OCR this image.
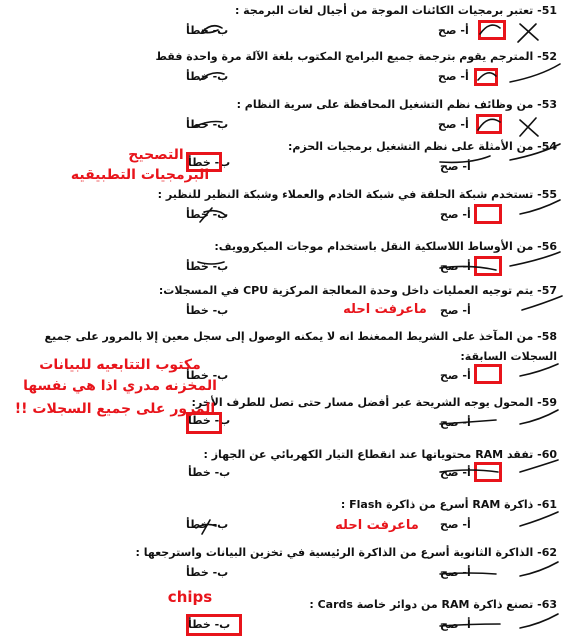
51- تعتبر برمجيات الكائنات الموجة من أجيال لغات البرمجة :
أ- صح
ب- خطأ
52- المترجم يقوم بترجمة جميع البرامج المكتوب بلغة الآلة مرة واحدة فقط
أ- صح
ب- خطأ
53- من وظائف نظم التشغيل المحافظة على سرية النظام :
أ- صح
ب- خطأ
54- من الأمثلة على نظم التشغيل برمجيات الحزم:
أ- صح
ب- خطأ
55- تستخدم شبكة الحلقة في شبكة الخادم والعملاء وشبكة النظير للنظير :
أ- صح
ب- خطأ
56- من الأوساط اللاسلكية النقل باستخدام موجات الميكروويف:
أ- صح
ب- خطأ
57- يتم توجيه العمليات داخل وحدة المعالجة المركزية CPU في المسجلات:
أ- صح
ب- خطأ
58- من المآخذ على الشريط الممغنط انه لا يمكنه الوصول إلى سجل معين إلا بالمرور على جميع السجلات السابقة:
أ- صح
ب- خطأ
59- المحول يوجه الشريحة عبر أفضل مسار حتى تصل للطرف الأخر:
أ- صح
ب- خطأ
60- تفقد RAM محتوياتها عند انقطاع التيار الكهربائي عن الجهاز :
أ- صح
ب- خطأ
61- ذاكرة RAM أسرع من ذاكرة Flash :
أ- صح
ب- خطأ
62- الذاكرة الثانوية أسرع من الذاكرة الرئيسية في تخزين البيانات واسترجعها :
أ- صح
ب- خطأ
63- تصنع ذاكرة RAM من دوائر خاصة Cards :
أ- صح
ب- خطأ
التصحيح
البرمجيات التطبيقيه
ماعرفت احله
مكتوب التتابعيه للبيانات
المخزنه مدري اذا هي نفسها
المرور على جميع السجلات !!
ماعرفت احله
chips
